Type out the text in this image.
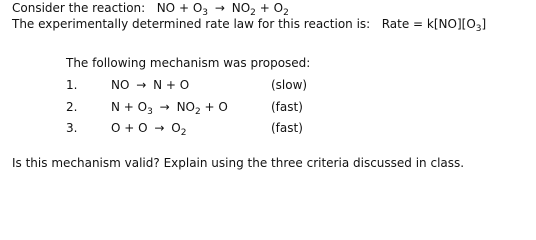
Consider the reaction: NO + $O_3 \to NO_2 + O_2$
The experimentally determined rate law for this reaction is: Rate = $k[NO][O_3]$
The following mechanism was proposed:
1.	NO → N + O	(slow)
2.	$N + O_3 \to NO_2 + O$	(fast)
3.	$O + O \to O_2$	(fast)
Is this mechanism valid? Explain using the three criteria discussed in class.
